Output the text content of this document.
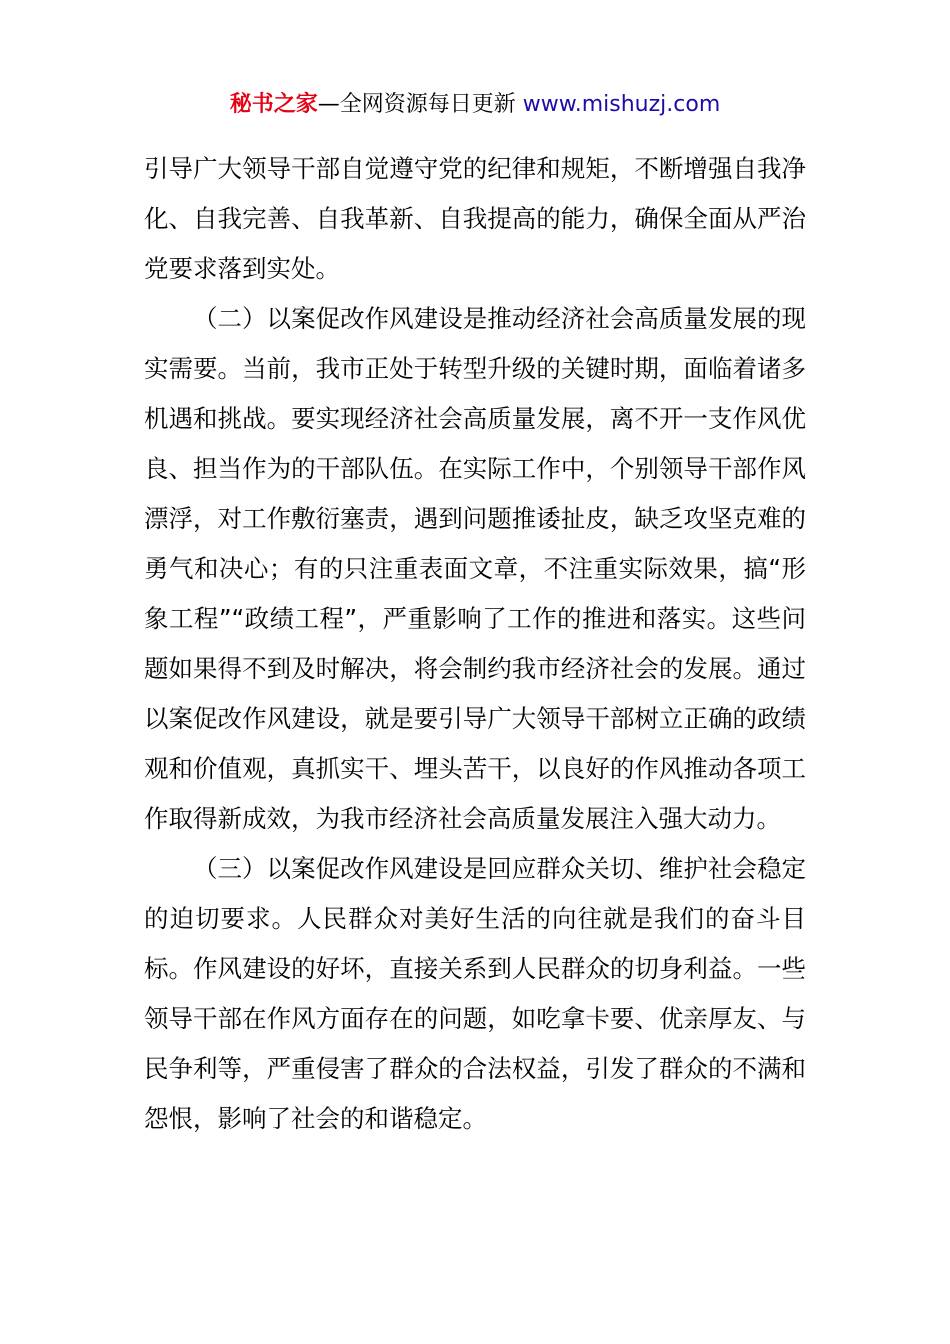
秘书之家—全网资源每日更新 www.mishuzj.com

引导广大领导干部自觉遵守党的纪律和规矩，不断增强自我净化、自我完善、自我革新、自我提高的能力，确保全面从严治党要求落到实处。

（二）以案促改作风建设是推动经济社会高质量发展的现实需要。当前，我市正处于转型升级的关键时期，面临着诸多机遇和挑战。要实现经济社会高质量发展，离不开一支作风优良、担当作为的干部队伍。在实际工作中，个别领导干部作风漂浮，对工作敷衍塞责，遇到问题推诿扯皮，缺乏攻坚克难的勇气和决心；有的只注重表面文章，不注重实际效果，搞“形象工程”“政绩工程”，严重影响了工作的推进和落实。这些问题如果得不到及时解决，将会制约我市经济社会的发展。通过以案促改作风建设，就是要引导广大领导干部树立正确的政绩观和价值观，真抓实干、埋头苦干，以良好的作风推动各项工作取得新成效，为我市经济社会高质量发展注入强大动力。

（三）以案促改作风建设是回应群众关切、维护社会稳定的迫切要求。人民群众对美好生活的向往就是我们的奋斗目标。作风建设的好坏，直接关系到人民群众的切身利益。一些领导干部在作风方面存在的问题，如吃拿卡要、优亲厚友、与民争利等，严重侵害了群众的合法权益，引发了群众的不满和怨恨，影响了社会的和谐稳定。
